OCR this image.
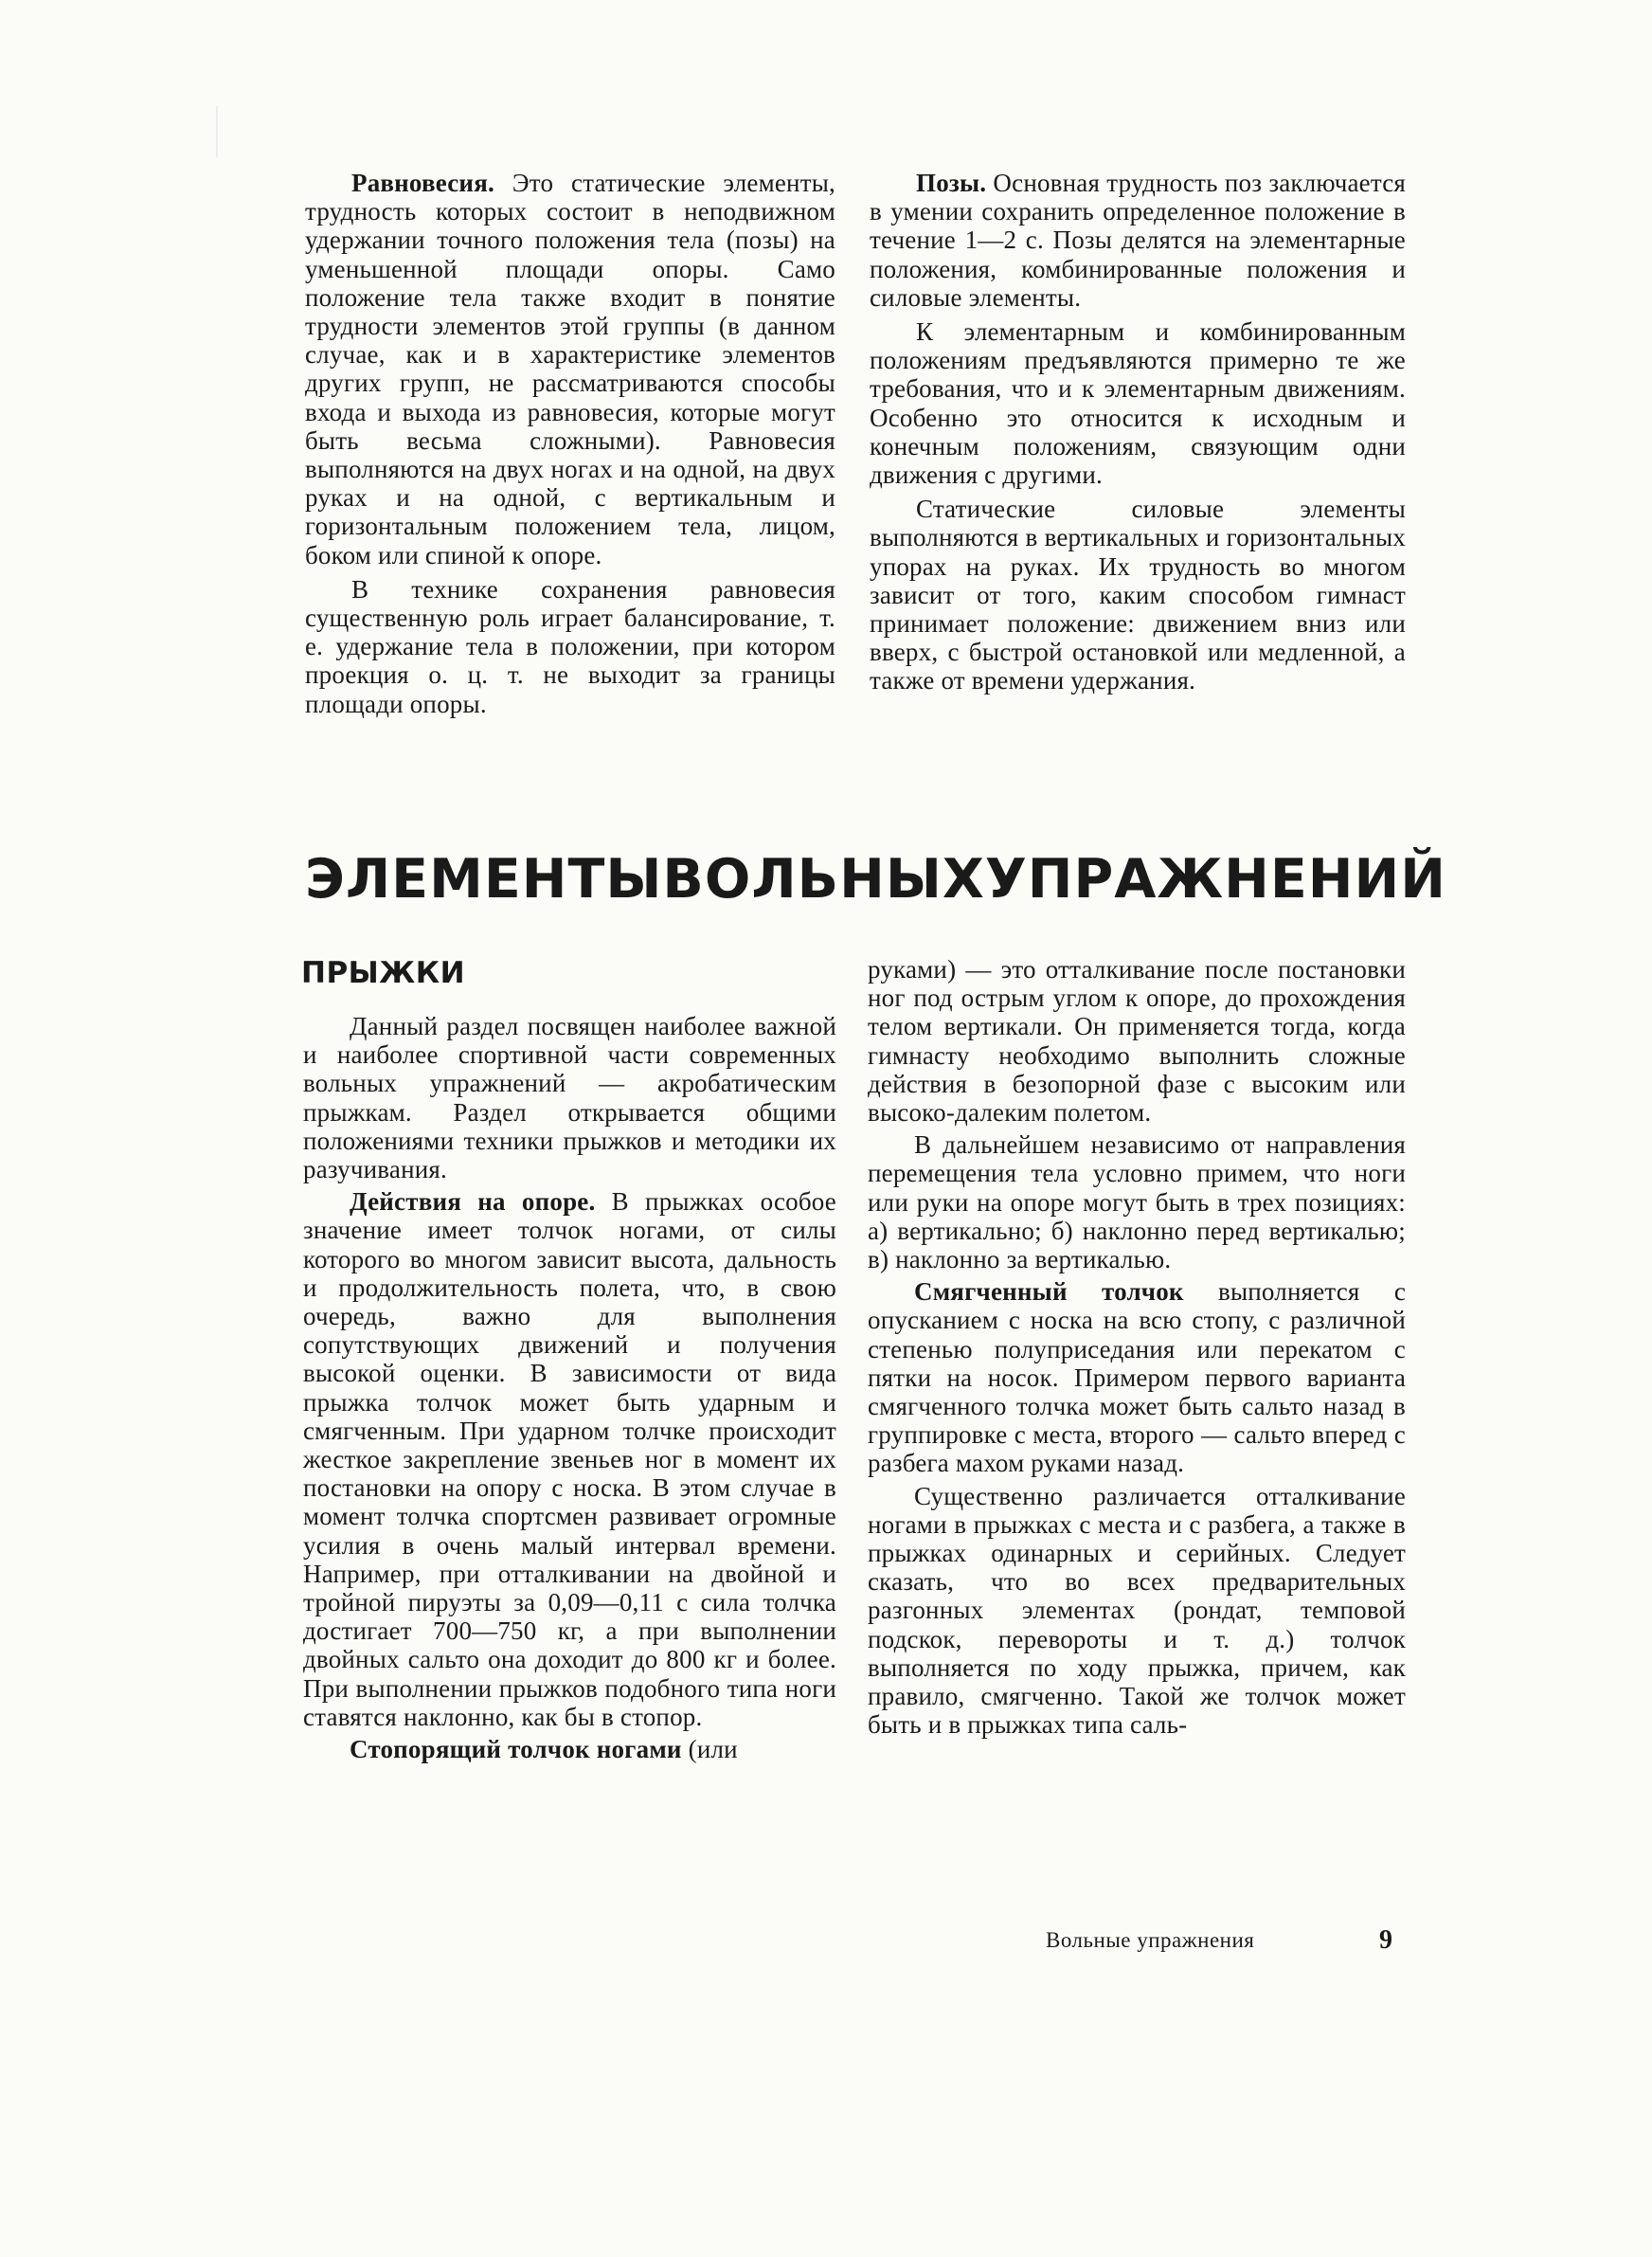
Равновесия. Это статические элементы, трудность которых состоит в неподвижном удержании точного положения тела (позы) на уменьшенной площади опоры. Само положение тела также входит в понятие трудности элементов этой группы (в данном случае, как и в характеристике элементов других групп, не рассматриваются способы входа и выхода из равновесия, которые могут быть весьма сложными). Равновесия выполняются на двух ногах и на одной, на двух руках и на одной, с вертикальным и горизонтальным положением тела, лицом, боком или спиной к опоре.

В технике сохранения равновесия существенную роль играет балансирование, т. е. удержание тела в положении, при котором проекция о. ц. т. не выходит за границы площади опоры.

Позы. Основная трудность поз заключается в умении сохранить определенное положение в течение 1—2 с. Позы делятся на элементарные положения, комбинированные положения и силовые элементы.

К элементарным и комбинированным положениям предъявляются примерно те же требования, что и к элементарным движениям. Особенно это относится к исходным и конечным положениям, связующим одни движения с другими.

Статические силовые элементы выполняются в вертикальных и горизонтальных упорах на руках. Их трудность во многом зависит от того, каким способом гимнаст принимает положение: движением вниз или вверх, с быстрой остановкой или медленной, а также от времени удержания.

ЭЛЕМЕНТЫ ВОЛЬНЫХ УПРАЖНЕНИЙ
ПРЫЖКИ

Данный раздел посвящен наиболее важной и наиболее спортивной части современных вольных упражнений — акробатическим прыжкам. Раздел открывается общими положениями техники прыжков и методики их разучивания.

Действия на опоре. В прыжках особое значение имеет толчок ногами, от силы которого во многом зависит высота, дальность и продолжительность полета, что, в свою очередь, важно для выполнения сопутствующих движений и получения высокой оценки. В зависимости от вида прыжка толчок может быть ударным и смягченным. При ударном толчке происходит жесткое закрепление звеньев ног в момент их постановки на опору с носка. В этом случае в момент толчка спортсмен развивает огромные усилия в очень малый интервал времени. Например, при отталкивании на двойной и тройной пируэты за 0,09—0,11 с сила толчка достигает 700—750 кг, а при выполнении двойных сальто она доходит до 800 кг и более. При выполнении прыжков подобного типа ноги ставятся наклонно, как бы в стопор.

Стопорящий толчок ногами (или

руками) — это отталкивание после постановки ног под острым углом к опоре, до прохождения телом вертикали. Он применяется тогда, когда гимнасту необходимо выполнить сложные действия в безопорной фазе с высоким или высоко-далеким полетом.

В дальнейшем независимо от направления перемещения тела условно примем, что ноги или руки на опоре могут быть в трех позициях: а) вертикально; б) наклонно перед вертикалью; в) наклонно за вертикалью.

Смягченный толчок выполняется с опусканием с носка на всю стопу, с различной степенью полуприседания или перекатом с пятки на носок. Примером первого варианта смягченного толчка может быть сальто назад в группировке с места, второго — сальто вперед с разбега махом руками назад.

Существенно различается отталкивание ногами в прыжках с места и с разбега, а также в прыжках одинарных и серийных. Следует сказать, что во всех предварительных разгонных элементах (рондат, темповой подскок, перевороты и т. д.) толчок выполняется по ходу прыжка, причем, как правило, смягченно. Такой же толчок может быть и в прыжках типа саль-

Вольные упражнения	9
